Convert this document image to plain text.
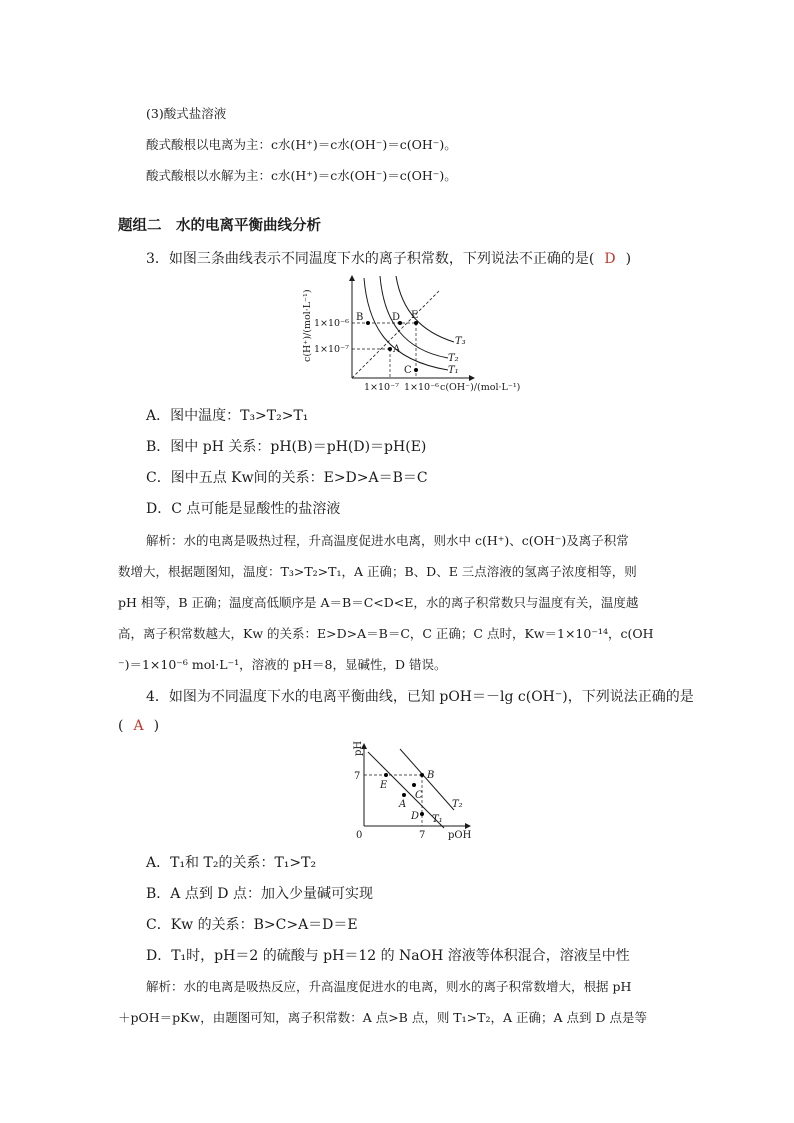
(3)酸式盐溶液
酸式酸根以电离为主：c水(H⁺)＝c水(OH⁻)＝c(OH⁻)。
酸式酸根以水解为主：c水(H⁺)＝c水(OH⁻)＝c(OH⁻)。
题组二　水的电离平衡曲线分析
3．如图三条曲线表示不同温度下水的离子积常数，下列说法不正确的是( D )
c(H⁺)/(mol·L⁻¹) 1×10⁻⁶
1×10⁻⁷
1×10⁻⁷ 1×10⁻⁶ c(OH⁻)/(mol·L⁻¹)
B	D E
A
C
T₃
T₂
T₁
A．图中温度：T₃>T₂>T₁
B．图中 pH 关系：pH(B)＝pH(D)＝pH(E)
C．图中五点 Kw间的关系：E>D>A＝B＝C
D．C 点可能是显酸性的盐溶液
解析：水的电离是吸热过程，升高温度促进水电离，则水中 c(H⁺)、c(OH⁻)及离子积常
数增大，根据题图知，温度：T₃>T₂>T₁，A 正确；B、D、E 三点溶液的氢离子浓度相等，则
pH 相等，B 正确；温度高低顺序是 A＝B＝C<D<E，水的离子积常数只与温度有关，温度越
高，离子积常数越大，Kw 的关系：E>D>A＝B＝C，C 正确；C 点时，Kw＝1×10⁻¹⁴，c(OH
⁻)＝1×10⁻⁶ mol·L⁻¹，溶液的 pH＝8，显碱性，D 错误。
4．如图为不同温度下水的电离平衡曲线，已知 pOH＝－lg c(OH⁻)，下列说法正确的是
( A )
pH
7
0	7 pOH
E
B
A
C
D
T₂
T₁
A．T₁和 T₂的关系：T₁>T₂
B．A 点到 D 点：加入少量碱可实现
C．Kw 的关系：B>C>A＝D＝E
D．T₁时，pH＝2 的硫酸与 pH＝12 的 NaOH 溶液等体积混合，溶液呈中性
解析：水的电离是吸热反应，升高温度促进水的电离，则水的离子积常数增大，根据 pH
＋pOH＝pKw，由题图可知，离子积常数：A 点>B 点，则 T₁>T₂，A 正确；A 点到 D 点是等
